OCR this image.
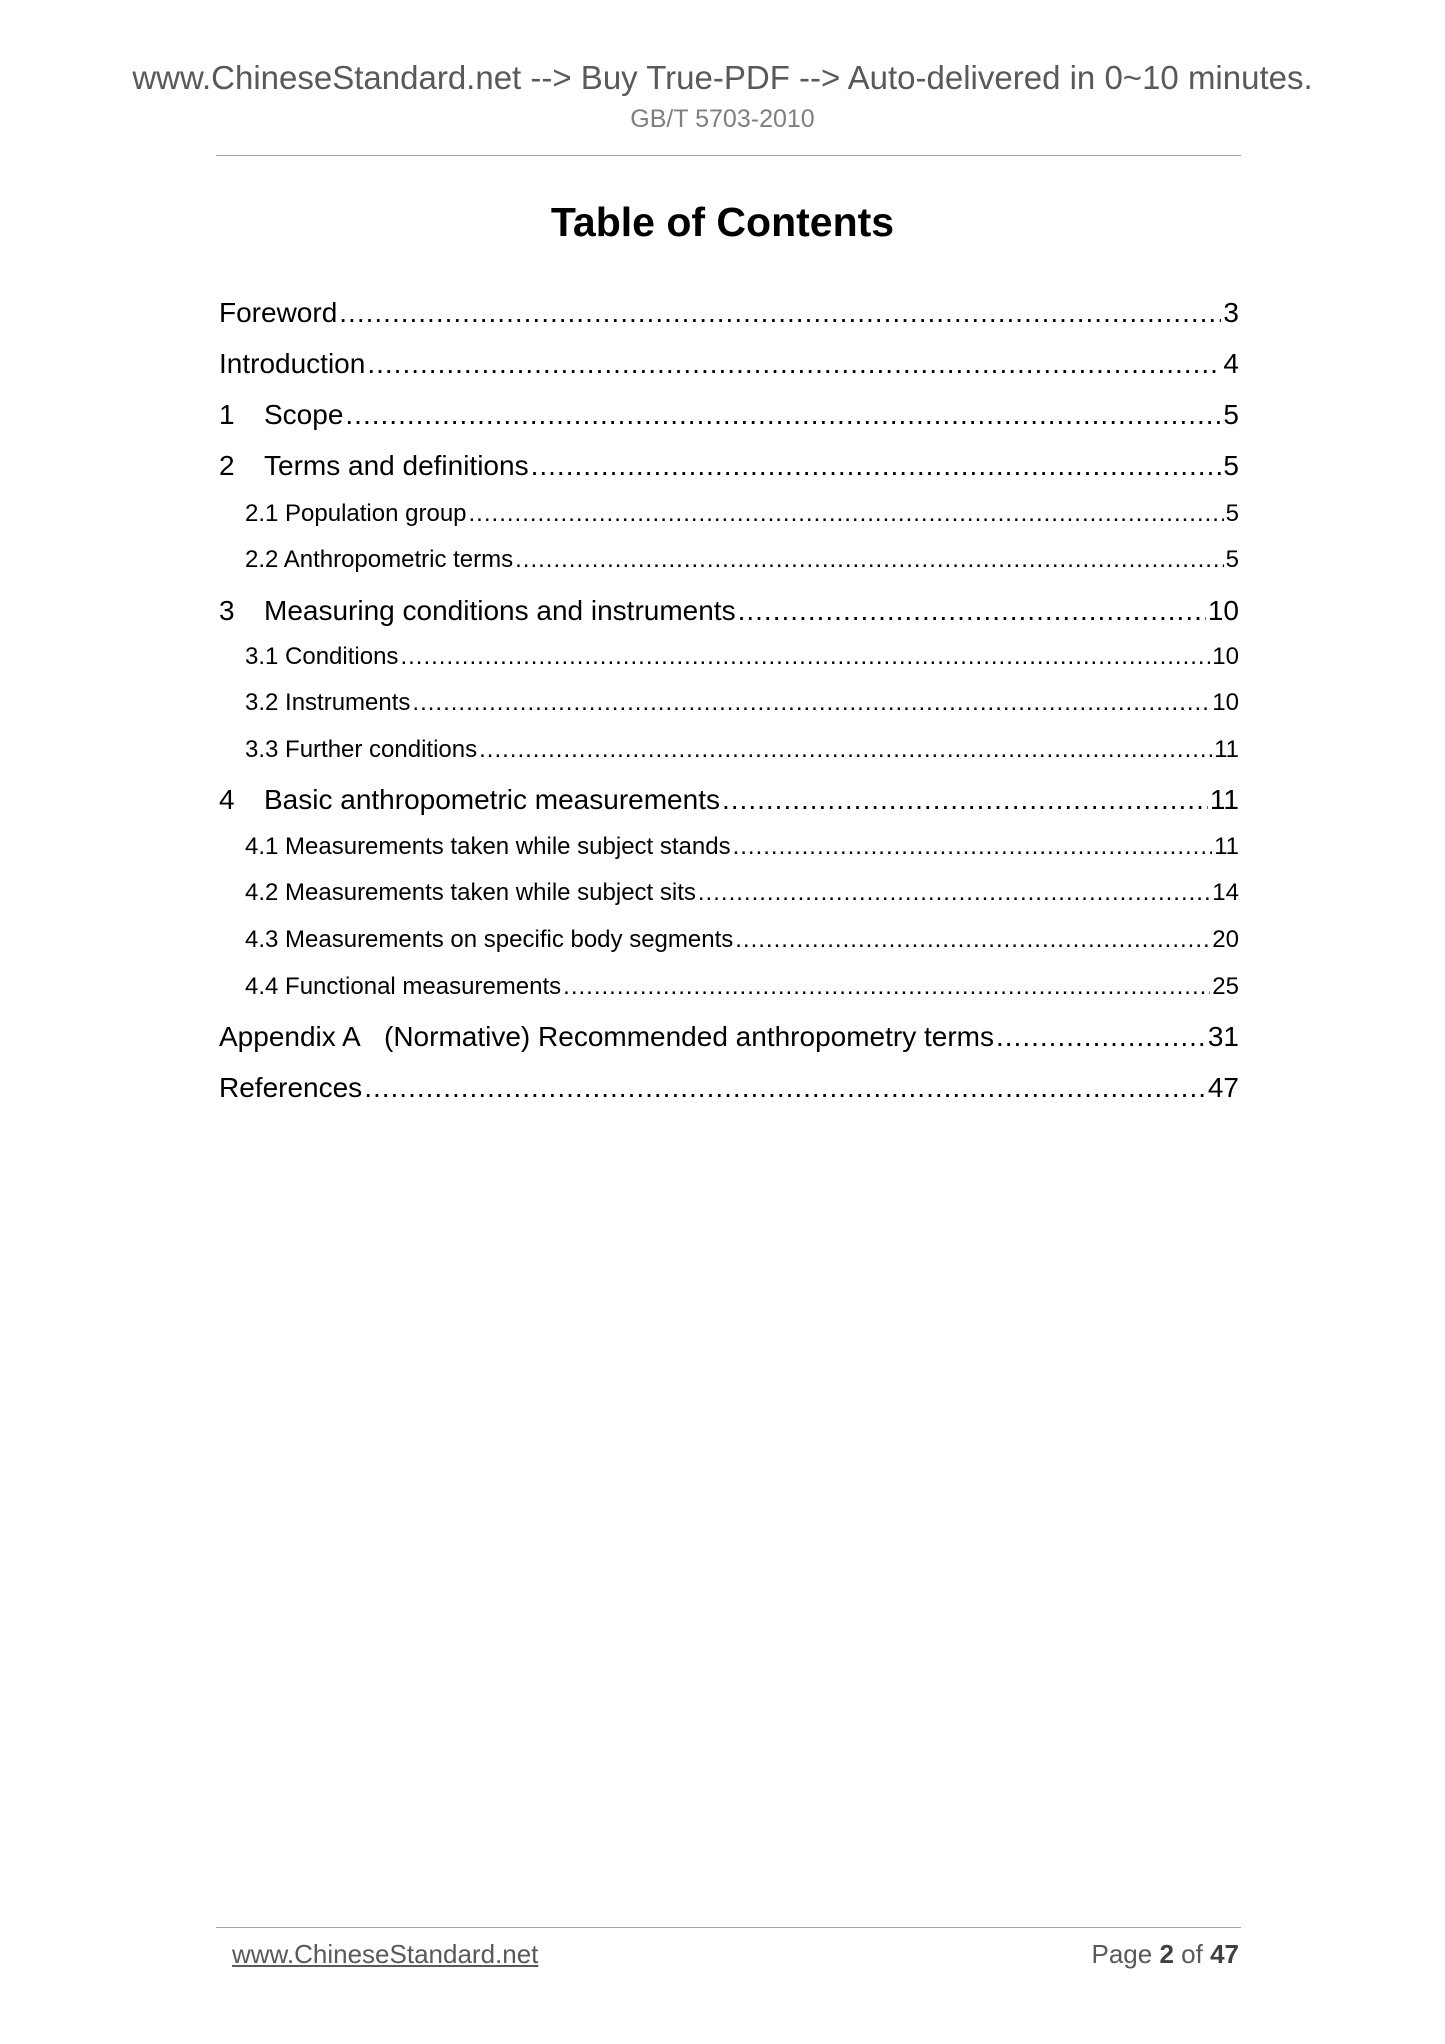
www.ChineseStandard.net --> Buy True-PDF --> Auto-delivered in 0~10 minutes.
GB/T 5703-2010
Table of Contents
Foreword .....	3
Introduction .....	4
1	Scope .....	5
2	Terms and definitions .....	5
2.1 Population group .....	5
2.2 Anthropometric terms .....	5
3	Measuring conditions and instruments .....	10
3.1 Conditions .....	10
3.2 Instruments .....	10
3.3 Further conditions .....	11
4	Basic anthropometric measurements .....	11
4.1 Measurements taken while subject stands .....	11
4.2 Measurements taken while subject sits .....	14
4.3 Measurements on specific body segments .....	20
4.4 Functional measurements .....	25
Appendix A   (Normative) Recommended anthropometry terms .....	31
References .....	47
www.ChineseStandard.net	Page 2 of 47
